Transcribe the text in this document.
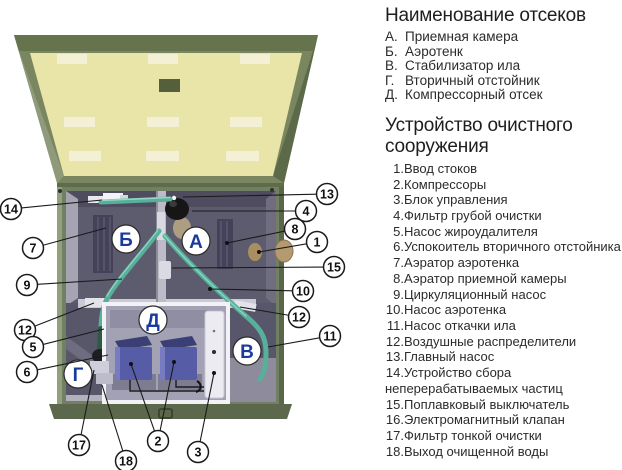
Б	А
Д
В
Г
13
4
8
1
15
10
12
11
14
7
9
12
5
6
17
18
2
3
Наименование отсеков
А. Приемная камера
Б. Аэротенк
В. Стабилизатор ила
Г. Вторичный отстойник
Д. Компрессорный отсек
Устройство очистного сооружения
1.Ввод стоков
2.Компрессоры
3.Блок управления
4.Фильтр грубой очистки
5.Насос жироудалителя
6.Успокоитель вторичного отстойника
7.Аэратор аэротенка
8.Аэратор приемной камеры
9.Циркуляционный насос
10.Насос аэротенка
11.Насос откачки ила
12.Воздушные распределители
13.Главный насос
14.Устройство сбора неперерабатываемых частиц
15.Поплавковый выключатель
16.Электромагнитный клапан
17.Фильтр тонкой очистки
18.Выход очищенной воды
